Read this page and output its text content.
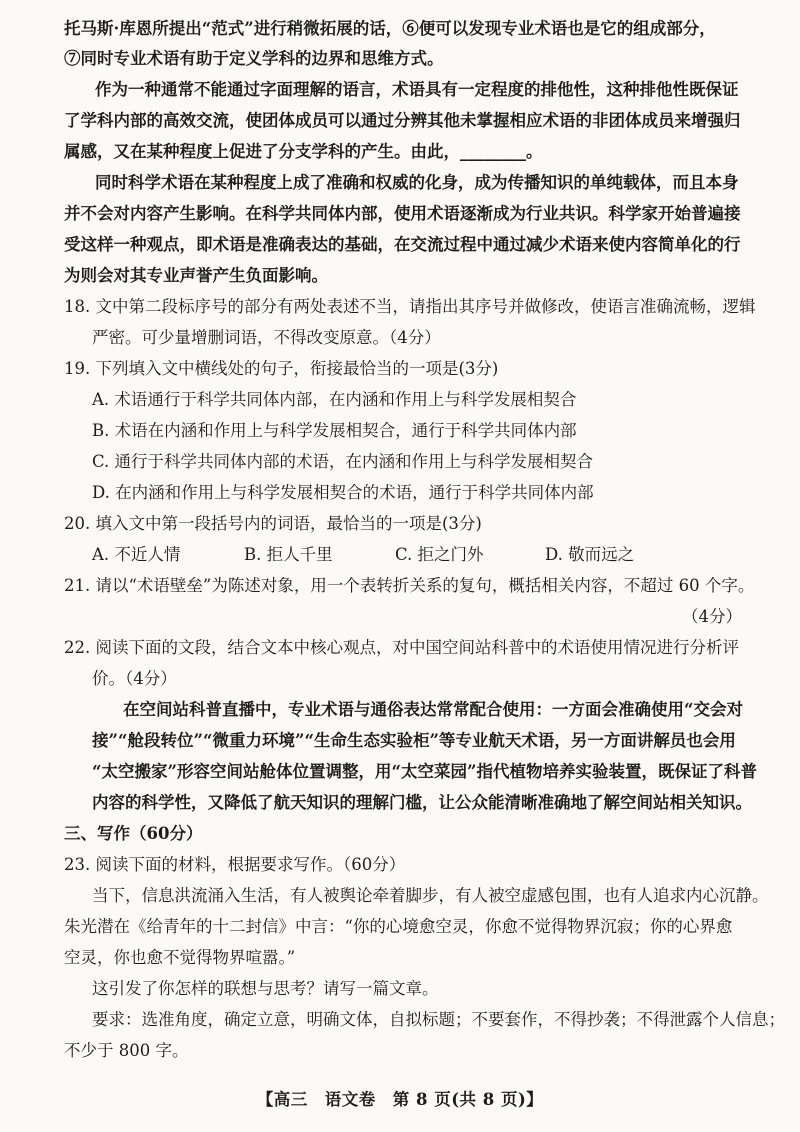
托马斯·库恩所提出“范式”进行稍微拓展的话，⑥便可以发现专业术语也是它的组成部分，
⑦同时专业术语有助于定义学科的边界和思维方式。
作为一种通常不能通过字面理解的语言，术语具有一定程度的排他性，这种排他性既保证
了学科内部的高效交流，使团体成员可以通过分辨其他未掌握相应术语的非团体成员来增强归
属感，又在某种程度上促进了分支学科的产生。由此，________。
同时科学术语在某种程度上成了准确和权威的化身，成为传播知识的单纯载体，而且本身
并不会对内容产生影响。在科学共同体内部，使用术语逐渐成为行业共识。科学家开始普遍接
受这样一种观点，即术语是准确表达的基础，在交流过程中通过减少术语来使内容简单化的行
为则会对其专业声誉产生负面影响。
18. 文中第二段标序号的部分有两处表述不当，请指出其序号并做修改，使语言准确流畅，逻辑
严密。可少量增删词语，不得改变原意。（4分）
19. 下列填入文中横线处的句子，衔接最恰当的一项是(3分)
A. 术语通行于科学共同体内部，在内涵和作用上与科学发展相契合
B. 术语在内涵和作用上与科学发展相契合，通行于科学共同体内部
C. 通行于科学共同体内部的术语，在内涵和作用上与科学发展相契合
D. 在内涵和作用上与科学发展相契合的术语，通行于科学共同体内部
20. 填入文中第一段括号内的词语，最恰当的一项是(3分)
A. 不近人情	B. 拒人千里	C. 拒之门外	D. 敬而远之
21. 请以“术语壁垒”为陈述对象，用一个表转折关系的复句，概括相关内容，不超过 60 个字。
（4分）
22. 阅读下面的文段，结合文本中核心观点，对中国空间站科普中的术语使用情况进行分析评
价。（4分）
在空间站科普直播中，专业术语与通俗表达常常配合使用：一方面会准确使用“交会对
接”“舱段转位”“微重力环境”“生命生态实验柜”等专业航天术语，另一方面讲解员也会用
“太空搬家”形容空间站舱体位置调整，用“太空菜园”指代植物培养实验装置，既保证了科普
内容的科学性，又降低了航天知识的理解门槛，让公众能清晰准确地了解空间站相关知识。
三、写作（60分）
23. 阅读下面的材料，根据要求写作。（60分）
当下，信息洪流涌入生活，有人被舆论牵着脚步，有人被空虚感包围，也有人追求内心沉静。
朱光潜在《给青年的十二封信》中言：“你的心境愈空灵，你愈不觉得物界沉寂；你的心界愈
空灵，你也愈不觉得物界喧嚣。”
这引发了你怎样的联想与思考？请写一篇文章。
要求：选准角度，确定立意，明确文体，自拟标题；不要套作，不得抄袭；不得泄露个人信息；
不少于 800 字。
【高三　语文卷　第 8 页(共 8 页)】
